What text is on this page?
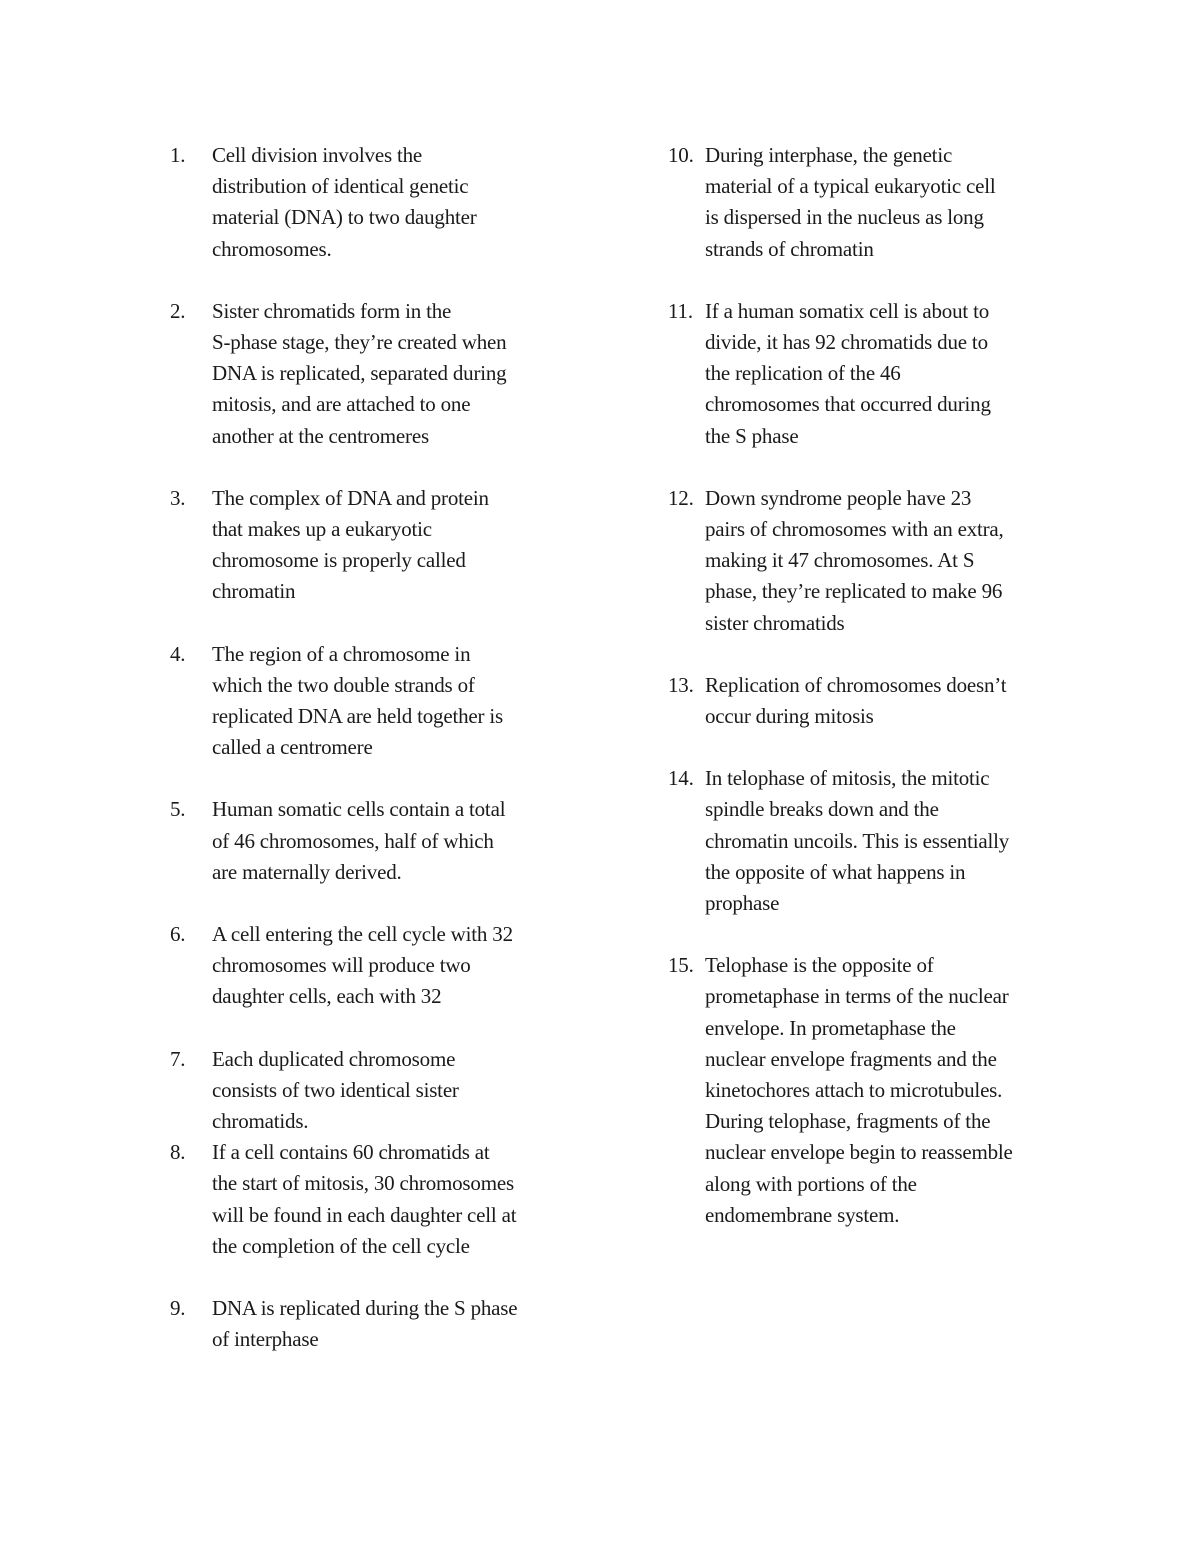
1. Cell division involves the
distribution of identical genetic
material (DNA) to two daughter
chromosomes.
2. Sister chromatids form in the
S-phase stage, they’re created when
DNA is replicated, separated during
mitosis, and are attached to one
another at the centromeres
3. The complex of DNA and protein
that makes up a eukaryotic
chromosome is properly called
chromatin
4. The region of a chromosome in
which the two double strands of
replicated DNA are held together is
called a centromere
5. Human somatic cells contain a total
of 46 chromosomes, half of which
are maternally derived.
6. A cell entering the cell cycle with 32
chromosomes will produce two
daughter cells, each with 32
7. Each duplicated chromosome
consists of two identical sister
chromatids.
8. If a cell contains 60 chromatids at
the start of mitosis, 30 chromosomes
will be found in each daughter cell at
the completion of the cell cycle
9. DNA is replicated during the S phase
of interphase
10. During interphase, the genetic
material of a typical eukaryotic cell
is dispersed in the nucleus as long
strands of chromatin
11. If a human somatix cell is about to
divide, it has 92 chromatids due to
the replication of the 46
chromosomes that occurred during
the S phase
12. Down syndrome people have 23
pairs of chromosomes with an extra,
making it 47 chromosomes. At S
phase, they’re replicated to make 96
sister chromatids
13. Replication of chromosomes doesn’t
occur during mitosis
14. In telophase of mitosis, the mitotic
spindle breaks down and the
chromatin uncoils. This is essentially
the opposite of what happens in
prophase
15. Telophase is the opposite of
prometaphase in terms of the nuclear
envelope. In prometaphase the
nuclear envelope fragments and the
kinetochores attach to microtubules.
During telophase, fragments of the
nuclear envelope begin to reassemble
along with portions of the
endomembrane system.
